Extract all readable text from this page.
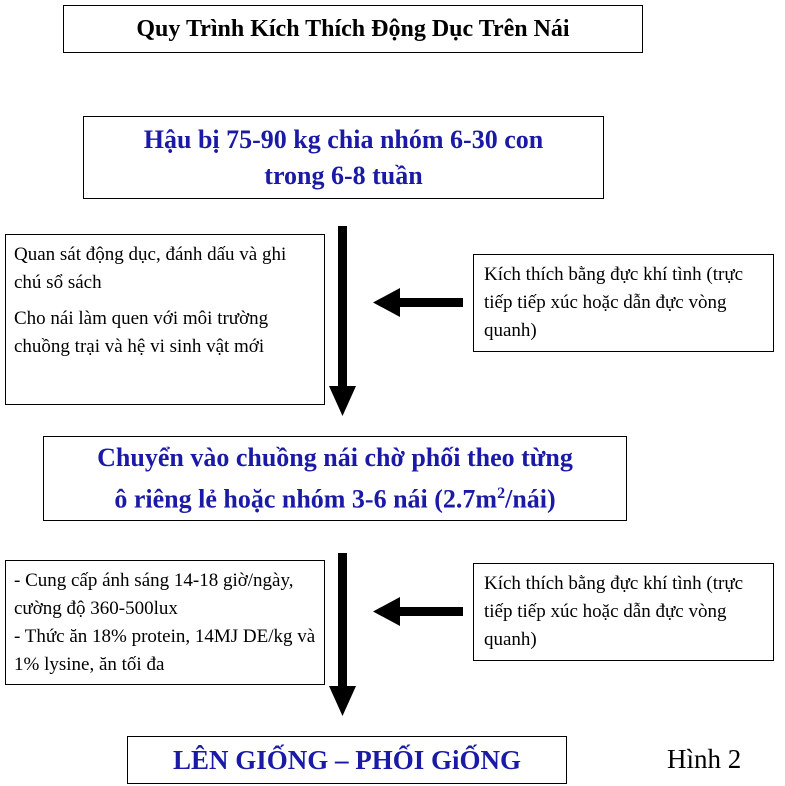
Quy Trình Kích Thích Động Dục Trên Nái
Hậu bị 75-90 kg chia nhóm 6-30 con
trong 6-8 tuần

Quan sát động dục, đánh dấu và ghi chú sổ sách

Cho nái làm quen với môi trường chuồng trại và hệ vi sinh vật mới

Kích thích bằng đực khí tình (trực tiếp tiếp xúc hoặc dẫn đực vòng quanh)
Chuyển vào chuồng nái chờ phối theo từng
ô riêng lẻ hoặc nhóm 3-6 nái $(2.7m^2/nái)$

- Cung cấp ánh sáng 14-18 giờ/ngày, cường độ 360-500lux

- Thức ăn 18% protein, 14MJ DE/kg và 1% lysine, ăn tối đa

Kích thích bằng đực khí tình (trực tiếp tiếp xúc hoặc dẫn đực vòng quanh)
LÊN GIỐNG – PHỐI GiỐNG	Hình 2
